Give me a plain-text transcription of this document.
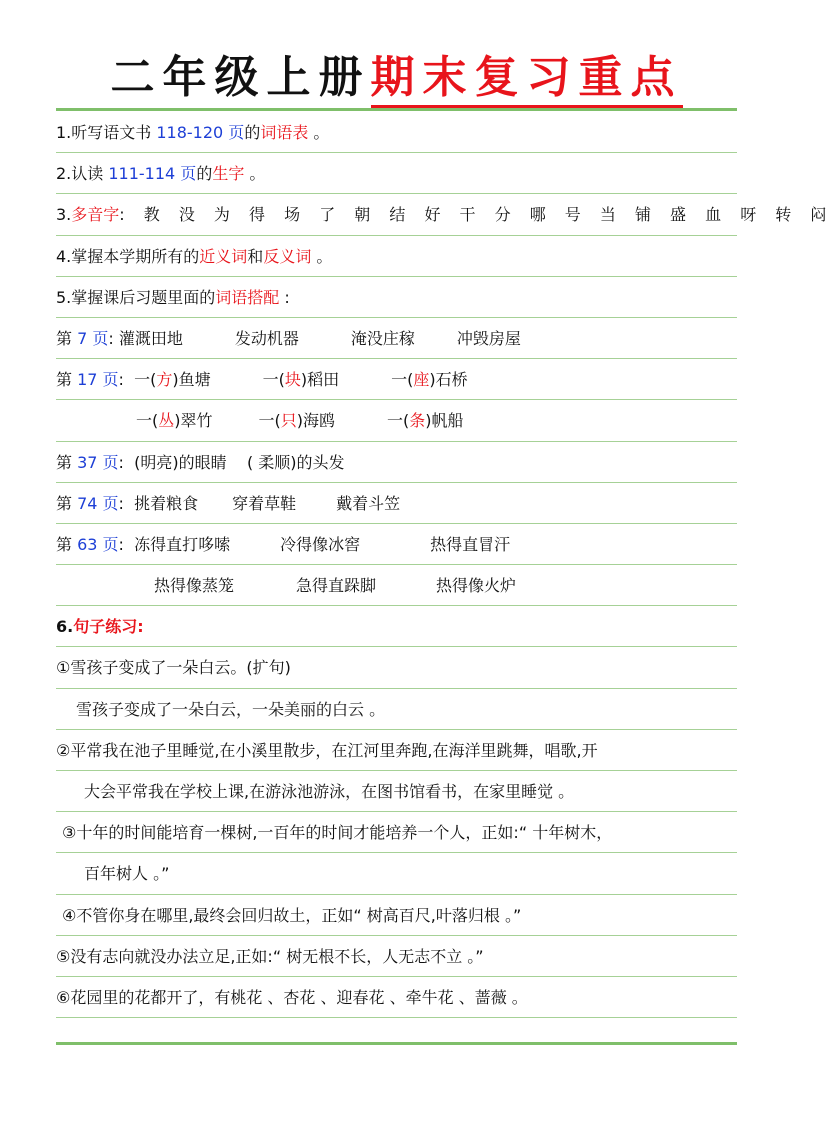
二年级上册期末复习重点
1.听写语文书 118-120 页的词语表 。
2.认读 111-114 页的生字 。
3.多音字: 教 没 为 得 场 了 朝 结 好 干 分 哪 号 当 铺 盛 血 呀 转 闷
4.掌握本学期所有的近义词和反义词 。
5.掌握课后习题里面的词语搭配 :
第 7 页: 灌溉田地	发动机器	淹没庄稼	冲毁房屋
第 17 页:  一(方)鱼塘	一(块)稻田	一(座)石桥
一(丛)翠竹	一(只)海鸥	一(条)帆船
第 37 页:  (明亮)的眼睛    ( 柔顺)的头发
第 74 页:  挑着粮食 穿着草鞋	戴着斗笠
第 63 页:  冻得直打哆嗦	冷得像冰窖	热得直冒汗
热得像蒸笼	急得直跺脚	热得像火炉
6.句子练习:
①雪孩子变成了一朵白云。(扩句)
雪孩子变成了一朵白云，一朵美丽的白云 。
②平常我在池子里睡觉,在小溪里散步，在江河里奔跑,在海洋里跳舞，唱歌,开
大会平常我在学校上课,在游泳池游泳，在图书馆看书，在家里睡觉 。
③十年的时间能培育一棵树,一百年的时间才能培养一个人，正如:“ 十年树木，
百年树人 。”
④不管你身在哪里,最终会回归故土，正如“ 树高百尺,叶落归根 。”
⑤没有志向就没办法立足,正如:“ 树无根不长，人无志不立 。”
⑥花园里的花都开了，有桃花 、杏花 、迎春花 、牵牛花 、蔷薇 。
